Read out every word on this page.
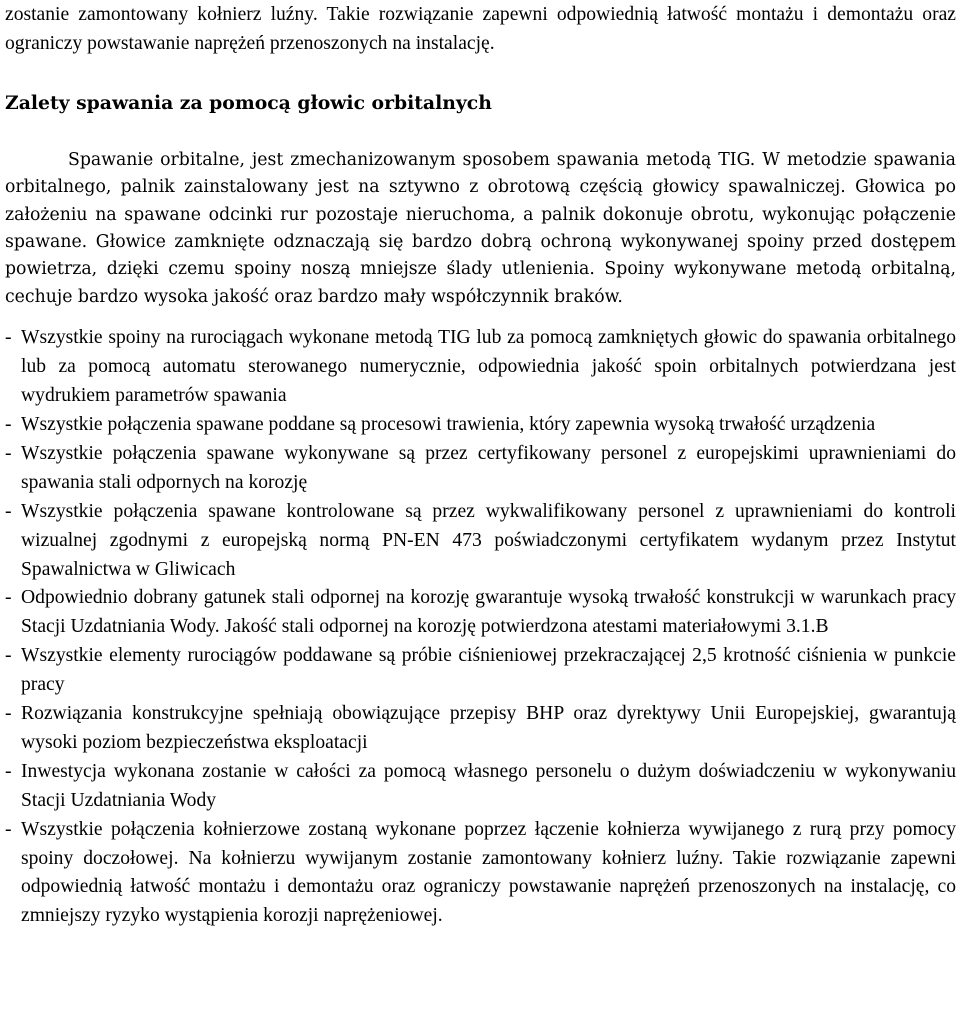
zostanie zamontowany kołnierz luźny. Takie rozwiązanie zapewni odpowiednią łatwość montażu i demontażu oraz ograniczy powstawanie naprężeń przenoszonych na instalację.

Zalety spawania za pomocą głowic orbitalnych

Spawanie orbitalne, jest zmechanizowanym sposobem spawania metodą TIG. W metodzie spawania orbitalnego, palnik zainstalowany jest na sztywno z obrotową częścią głowicy spawalniczej. Głowica po założeniu na spawane odcinki rur pozostaje nieruchoma, a palnik dokonuje obrotu, wykonując połączenie spawane. Głowice zamknięte odznaczają się bardzo dobrą ochroną wykonywanej spoiny przed dostępem powietrza, dzięki czemu spoiny noszą mniejsze ślady utlenienia. Spoiny wykonywane metodą orbitalną, cechuje bardzo wysoka jakość oraz bardzo mały współczynnik braków.

- Wszystkie spoiny na rurociągach wykonane metodą TIG lub za pomocą zamkniętych głowic do spawania orbitalnego lub za pomocą automatu sterowanego numerycznie, odpowiednia jakość spoin orbitalnych potwierdzana jest wydrukiem parametrów spawania

- Wszystkie połączenia spawane poddane są procesowi trawienia, który zapewnia wysoką trwałość urządzenia

- Wszystkie połączenia spawane wykonywane są przez certyfikowany personel z europejskimi uprawnieniami do spawania stali odpornych na korozję

- Wszystkie połączenia spawane kontrolowane są przez wykwalifikowany personel z uprawnieniami do kontroli wizualnej zgodnymi z europejską normą PN-EN 473 poświadczonymi certyfikatem wydanym przez Instytut Spawalnictwa w Gliwicach

- Odpowiednio dobrany gatunek stali odpornej na korozję gwarantuje wysoką trwałość konstrukcji w warunkach pracy Stacji Uzdatniania Wody. Jakość stali odpornej na korozję potwierdzona atestami materiałowymi 3.1.B

- Wszystkie elementy rurociągów poddawane są próbie ciśnieniowej przekraczającej 2,5 krotność ciśnienia w punkcie pracy

- Rozwiązania konstrukcyjne spełniają obowiązujące przepisy BHP oraz dyrektywy Unii Europejskiej, gwarantują wysoki poziom bezpieczeństwa eksploatacji

- Inwestycja wykonana zostanie w całości za pomocą własnego personelu o dużym doświadczeniu w wykonywaniu Stacji Uzdatniania Wody

- Wszystkie połączenia kołnierzowe zostaną wykonane poprzez łączenie kołnierza wywijanego z rurą przy pomocy spoiny doczołowej. Na kołnierzu wywijanym zostanie zamontowany kołnierz luźny. Takie rozwiązanie zapewni odpowiednią łatwość montażu i demontażu oraz ograniczy powstawanie naprężeń przenoszonych na instalację, co zmniejszy ryzyko wystąpienia korozji naprężeniowej.
